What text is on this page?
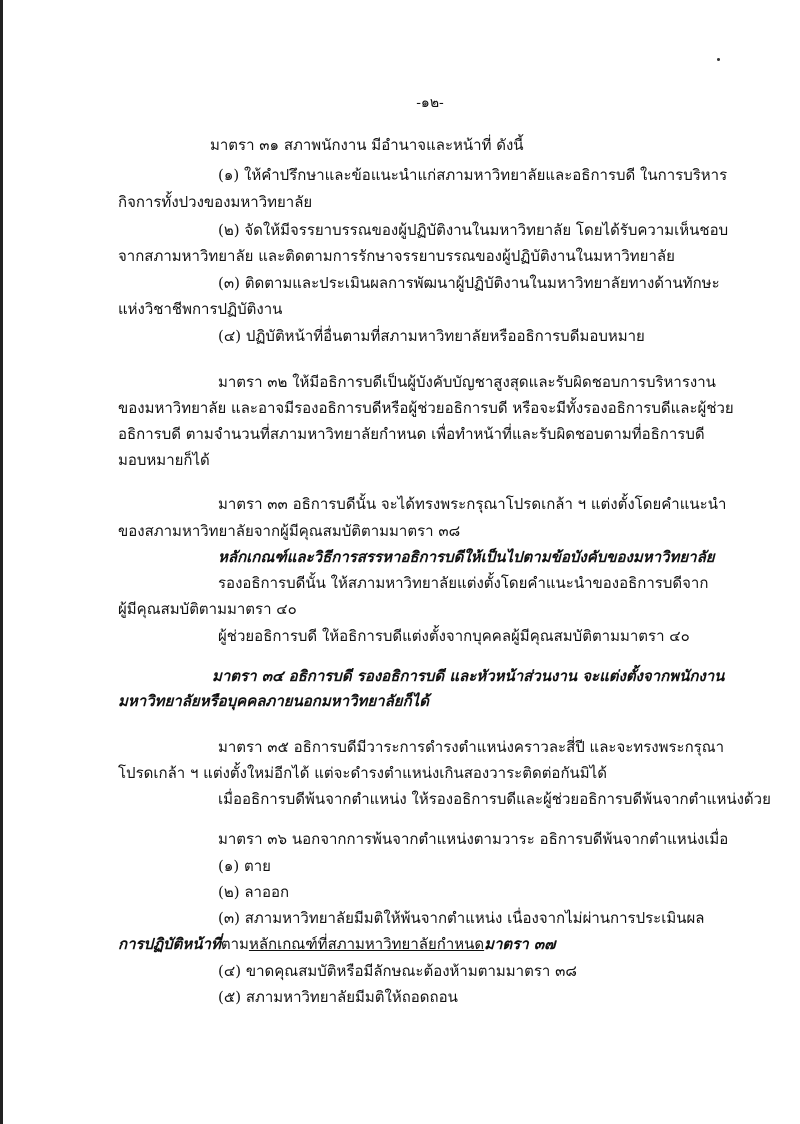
-๑๒-
มาตรา ๓๑ สภาพนักงาน มีอำนาจและหน้าที่ ดังนี้
(๑) ให้คำปรึกษาและข้อแนะนำแก่สภามหาวิทยาลัยและอธิการบดี ในการบริหาร
กิจการทั้งปวงของมหาวิทยาลัย
(๒) จัดให้มีจรรยาบรรณของผู้ปฏิบัติงานในมหาวิทยาลัย โดยได้รับความเห็นชอบ
จากสภามหาวิทยาลัย และติดตามการรักษาจรรยาบรรณของผู้ปฏิบัติงานในมหาวิทยาลัย
(๓) ติดตามและประเมินผลการพัฒนาผู้ปฏิบัติงานในมหาวิทยาลัยทางด้านทักษะ
แห่งวิชาชีพการปฏิบัติงาน
(๔) ปฏิบัติหน้าที่อื่นตามที่สภามหาวิทยาลัยหรืออธิการบดีมอบหมาย
มาตรา ๓๒ ให้มีอธิการบดีเป็นผู้บังคับบัญชาสูงสุดและรับผิดชอบการบริหารงาน
ของมหาวิทยาลัย และอาจมีรองอธิการบดีหรือผู้ช่วยอธิการบดี หรือจะมีทั้งรองอธิการบดีและผู้ช่วย
อธิการบดี ตามจำนวนที่สภามหาวิทยาลัยกำหนด เพื่อทำหน้าที่และรับผิดชอบตามที่อธิการบดี
มอบหมายก็ได้
มาตรา ๓๓ อธิการบดีนั้น จะได้ทรงพระกรุณาโปรดเกล้า ฯ แต่งตั้งโดยคำแนะนำ
ของสภามหาวิทยาลัยจากผู้มีคุณสมบัติตามมาตรา ๓๘
หลักเกณฑ์และวิธีการสรรหาอธิการบดีให้เป็นไปตามข้อบังคับของมหาวิทยาลัย
รองอธิการบดีนั้น ให้สภามหาวิทยาลัยแต่งตั้งโดยคำแนะนำของอธิการบดีจาก
ผู้มีคุณสมบัติตามมาตรา ๔๐
ผู้ช่วยอธิการบดี ให้อธิการบดีแต่งตั้งจากบุคคลผู้มีคุณสมบัติตามมาตรา ๔๐
มาตรา ๓๔ อธิการบดี รองอธิการบดี และหัวหน้าส่วนงาน จะแต่งตั้งจากพนักงาน
มหาวิทยาลัยหรือบุคคลภายนอกมหาวิทยาลัยก็ได้
มาตรา ๓๕ อธิการบดีมีวาระการดำรงตำแหน่งคราวละสี่ปี และจะทรงพระกรุณา
โปรดเกล้า ฯ แต่งตั้งใหม่อีกได้ แต่จะดำรงตำแหน่งเกินสองวาระติดต่อกันมิได้
เมื่ออธิการบดีพ้นจากตำแหน่ง ให้รองอธิการบดีและผู้ช่วยอธิการบดีพ้นจากตำแหน่งด้วย
มาตรา ๓๖ นอกจากการพ้นจากตำแหน่งตามวาระ อธิการบดีพ้นจากตำแหน่งเมื่อ
(๑) ตาย
(๒) ลาออก
(๓) สภามหาวิทยาลัยมีมติให้พ้นจากตำแหน่ง เนื่องจากไม่ผ่านการประเมินผล
การปฏิบัติหน้าที่ตามหลักเกณฑ์ที่สภามหาวิทยาลัยกำหนดมาตรา ๓๗
(๔) ขาดคุณสมบัติหรือมีลักษณะต้องห้ามตามมาตรา ๓๘
(๕) สภามหาวิทยาลัยมีมติให้ถอดถอน
